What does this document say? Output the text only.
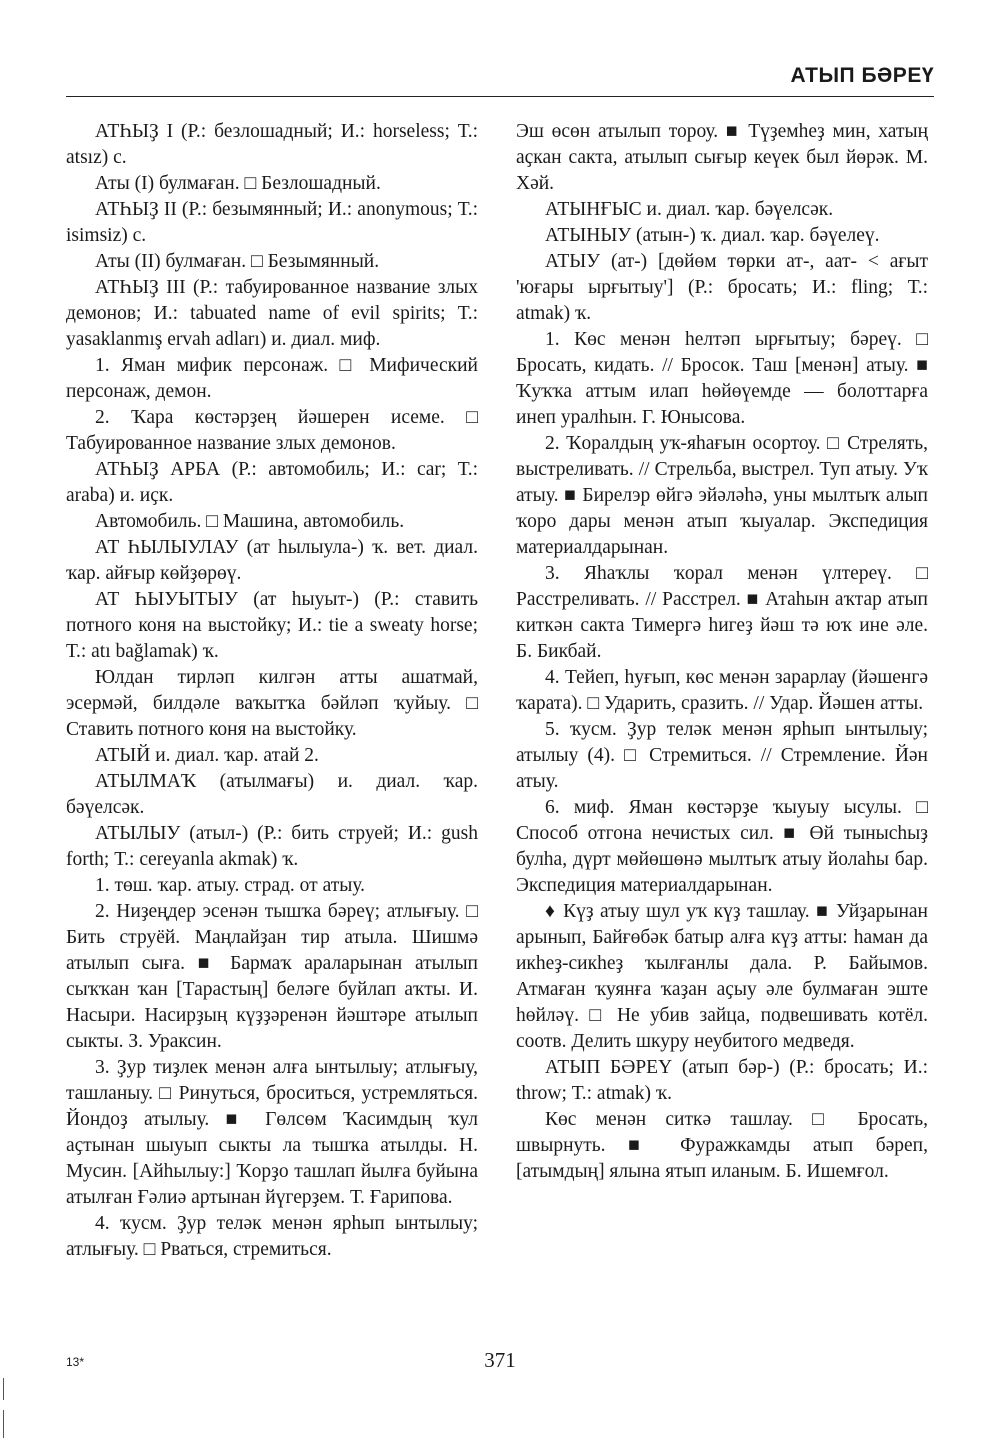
АТЫП БӘРЕҮ

АТҺЫҘ I (Р.: безлошадный; И.: horseless; Т.: atsız) с.

Аты (I) булмаған. □ Безлошадный.

АТҺЫҘ II (Р.: безымянный; И.: anonymous; Т.: isimsiz) с.

Аты (II) булмаған. □ Безымянный.

АТҺЫҘ III (Р.: табуированное название злых демонов; И.: tabuated name of evil spirits; Т.: yasaklanmış ervah adları) и. диал. миф.

1. Яман мифик персонаж. □ Мифический персонаж, демон.

2. Ҡара көстәрҙең йәшерен исеме. □ Табуированное название злых демонов.

АТҺЫҘ АРБА (Р.: автомобиль; И.: car; Т.: araba) и. иҫк.

Автомобиль. □ Машина, автомобиль.

АТ ҺЫЛЫУЛАУ (ат һылыула-) ҡ. вет. диал. ҡар. айғыр көйҙөрөү.

АТ ҺЫУЫТЫУ (ат һыуыт-) (Р.: ставить потного коня на выстойку; И.: tie a sweaty horse; Т.: atı bağlamak) ҡ.

Юлдан тирләп килгән атты ашатмай, эсермәй, билдәле ваҡытҡа бәйләп ҡуйыу. □ Ставить потного коня на выстойку.

АТЫЙ и. диал. ҡар. атай 2.

АТЫЛМАҠ (атылмағы) и. диал. ҡар. бәүелсәк.

АТЫЛЫУ (атыл-) (Р.: бить струей; И.: gush forth; Т.: cereyanla akmak) ҡ.

1. төш. ҡар. атыу. страд. от атыу.

2. Ниҙеңдер эсенән тышҡа бәреү; атлығыу. □ Бить струёй. Маңлайҙан тир атыла. Шишмә атылып сыға. ■ Бармаҡ араларынан атылып сыҡҡан ҡан [Тарастың] беләге буйлап аҡты. И. Насыри. Насирҙың күҙҙәренән йәштәре атылып сыкты. З. Ураксин.

3. Ҙур тиҙлек менән алға ынтылыу; атлығыу, ташланыу. □ Ринуться, броситься, устремляться. Йондоҙ атылыу. ■ Гөлсөм Ҡасимдың ҡул аҫтынан шыуып сыкты ла тышҡа атылды. Н. Мусин. [Айһылыу:] Ҡорҙо ташлап йылға буйына атылған Ғәлиә артынан йүгерҙем. Т. Ғарипова.

4. ҡусм. Ҙур теләк менән ярһып ынтылыу; атлығыу. □ Рваться, стремиться.

Эш өсөн атылып тороу. ■ Түҙемһеҙ мин, хатың аҫкан сакта, атылып сығыр кеүек был йөрәк. М. Хәй.

АТЫНҒЫС и. диал. ҡар. бәүелсәк.

АТЫНЫУ (атын-) ҡ. диал. ҡар. бәүелеү.

АТЫУ (ат-) [дөйөм төрки ат-, аат- < ағыт 'юғары ырғытыу'] (Р.: бросать; И.: fling; Т.: atmak) ҡ.

1. Көс менән һелтәп ырғытыу; бәреү. □ Бросать, кидать. // Бросок. Таш [менән] атыу. ■ Ҡуҡҡа аттым илап һөйөүемде — болоттарға инеп уралһын. Г. Юнысова.

2. Ҡоралдың уҡ-яһағын осортоу. □ Стрелять, выстреливать. // Стрельба, выстрел. Туп атыу. Уҡ атыу. ■ Бирелэр өйгә эйәләһә, уны мылтыҡ алып ҡоро дары менән атып ҡыуалар. Экспедиция материалдарынан.

3. Яһаҡлы ҡорал менән үлтереү. □ Расстреливать. // Расстрел. ■ Атаһын аҡтар атып киткән сакта Тимергә һигеҙ йәш тә юҡ ине әле. Б. Бикбай.

4. Тейеп, һуғып, көс менән зарарлау (йәшенгә ҡарата). □ Ударить, сразить. // Удар. Йәшен атты.

5. ҡусм. Ҙур теләк менән ярһып ынтылыу; атылыу (4). □ Стремиться. // Стремление. Йән атыу.

6. миф. Яман көстәрҙе ҡыуыу ысулы. □ Способ отгона нечистых сил. ■ Өй тынысһыҙ булһа, дүрт мөйөшөнә мылтыҡ атыу йолаһы бар. Экспедиция материалдарынан.

♦ Күҙ атыу шул уҡ күҙ ташлау. ■ Уйҙарынан арынып, Байғөбәк батыр алға күҙ атты: һаман да икһеҙ-сикһеҙ ҡылғанлы дала. Р. Байымов. Атмаған ҡуянға ҡаҙан аҫыу әле булмаған эште һөйләү. □ Не убив зайца, подвешивать котёл. соотв. Делить шкуру неубитого медведя.

АТЫП БӘРЕҮ (атып бәр-) (Р.: бросать; И.: throw; Т.: atmak) ҡ.

Көс менән ситкә ташлау. □ Бросать, швырнуть. ■ Фуражкамды атып бәреп, [атымдың] ялына ятып иланым. Б. Ишемғол.

13*	371
